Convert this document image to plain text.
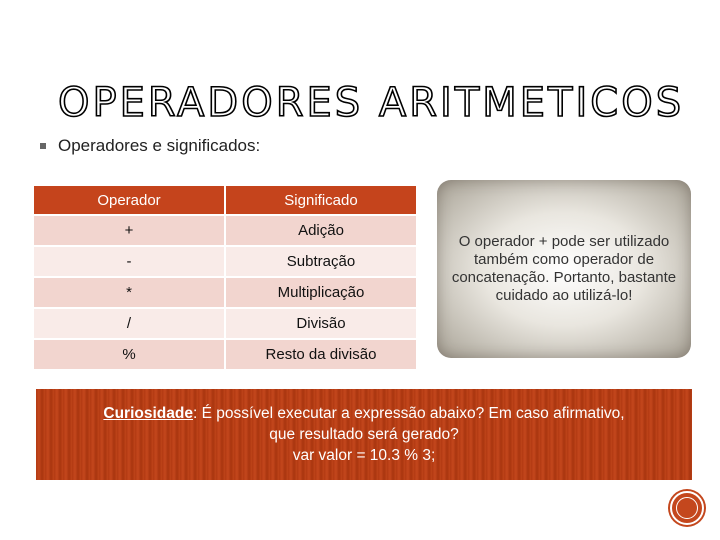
OPERADORES ARITMETICOS
Operadores e significados:
Operador	Significado
+	Adição
-	Subtração
*	Multiplicação
/	Divisão
%	Resto da divisão
O operador + pode ser utilizado também como operador de concatenação. Portanto, bastante cuidado ao utilizá-lo!
Curiosidade: É possível executar a expressão abaixo? Em caso afirmativo,
que resultado será gerado?
var valor = 10.3 % 3;
